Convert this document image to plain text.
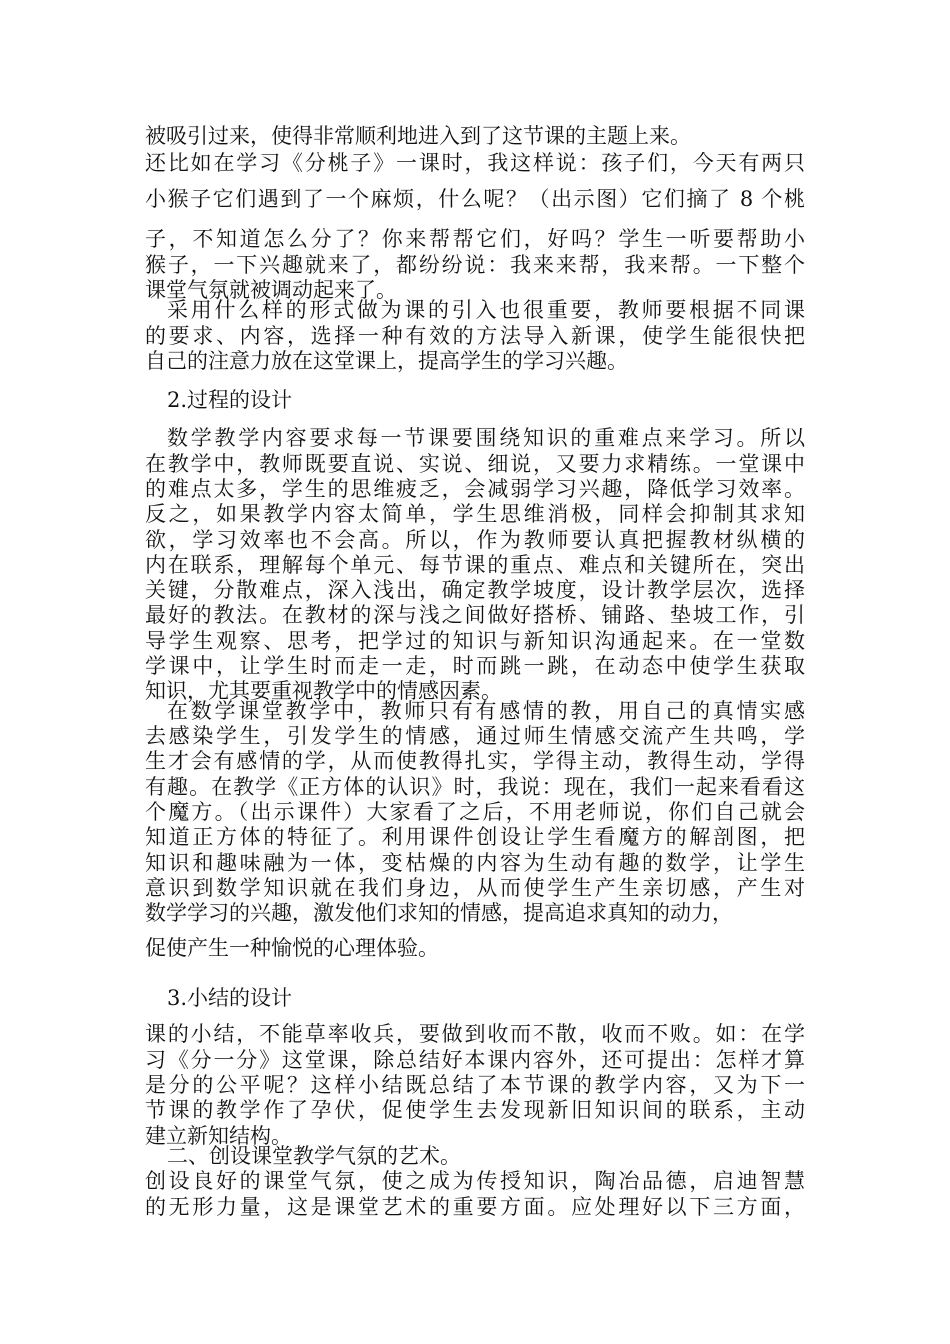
被吸引过来，使得非常顺利地进入到了这节课的主题上来。
还比如在学习《分桃子》一课时，我这样说：孩子们，今天有两只
小猴子它们遇到了一个麻烦，什么呢？（出示图）它们摘了 8 个桃
子，不知道怎么分了？你来帮帮它们，好吗？学生一听要帮助小
猴子，一下兴趣就来了，都纷纷说：我来来帮，我来帮。一下整个
课堂气氛就被调动起来了。
采用什么样的形式做为课的引入也很重要，教师要根据不同课
的要求、内容，选择一种有效的方法导入新课，使学生能很快把
自己的注意力放在这堂课上，提高学生的学习兴趣。
2.过程的设计
数学教学内容要求每一节课要围绕知识的重难点来学习。所以
在教学中，教师既要直说、实说、细说，又要力求精练。一堂课中
的难点太多，学生的思维疲乏，会减弱学习兴趣，降低学习效率。
反之，如果教学内容太简单，学生思维消极，同样会抑制其求知
欲，学习效率也不会高。所以，作为教师要认真把握教材纵横的
内在联系，理解每个单元、每节课的重点、难点和关键所在，突出
关键，分散难点，深入浅出，确定教学坡度，设计教学层次，选择
最好的教法。在教材的深与浅之间做好搭桥、铺路、垫坡工作，引
导学生观察、思考，把学过的知识与新知识沟通起来。在一堂数
学课中，让学生时而走一走，时而跳一跳，在动态中使学生获取
知识，尤其要重视教学中的情感因素。
在数学课堂教学中，教师只有有感情的教，用自己的真情实感
去感染学生，引发学生的情感，通过师生情感交流产生共鸣，学
生才会有感情的学，从而使教得扎实，学得主动，教得生动，学得
有趣。在教学《正方体的认识》时，我说：现在，我们一起来看看这
个魔方。（出示课件）大家看了之后，不用老师说，你们自己就会
知道正方体的特征了。利用课件创设让学生看魔方的解剖图，把
知识和趣味融为一体，变枯燥的内容为生动有趣的数学，让学生
意识到数学知识就在我们身边，从而使学生产生亲切感，产生对
数学学习的兴趣，激发他们求知的情感，提高追求真知的动力，
促使产生一种愉悦的心理体验。
3.小结的设计
课的小结，不能草率收兵，要做到收而不散，收而不败。如：在学
习《分一分》这堂课，除总结好本课内容外，还可提出：怎样才算
是分的公平呢？这样小结既总结了本节课的教学内容，又为下一
节课的教学作了孕伏，促使学生去发现新旧知识间的联系，主动
建立新知结构。
二、创设课堂教学气氛的艺术。
创设良好的课堂气氛，使之成为传授知识，陶冶品德，启迪智慧
的无形力量，这是课堂艺术的重要方面。应处理好以下三方面，
